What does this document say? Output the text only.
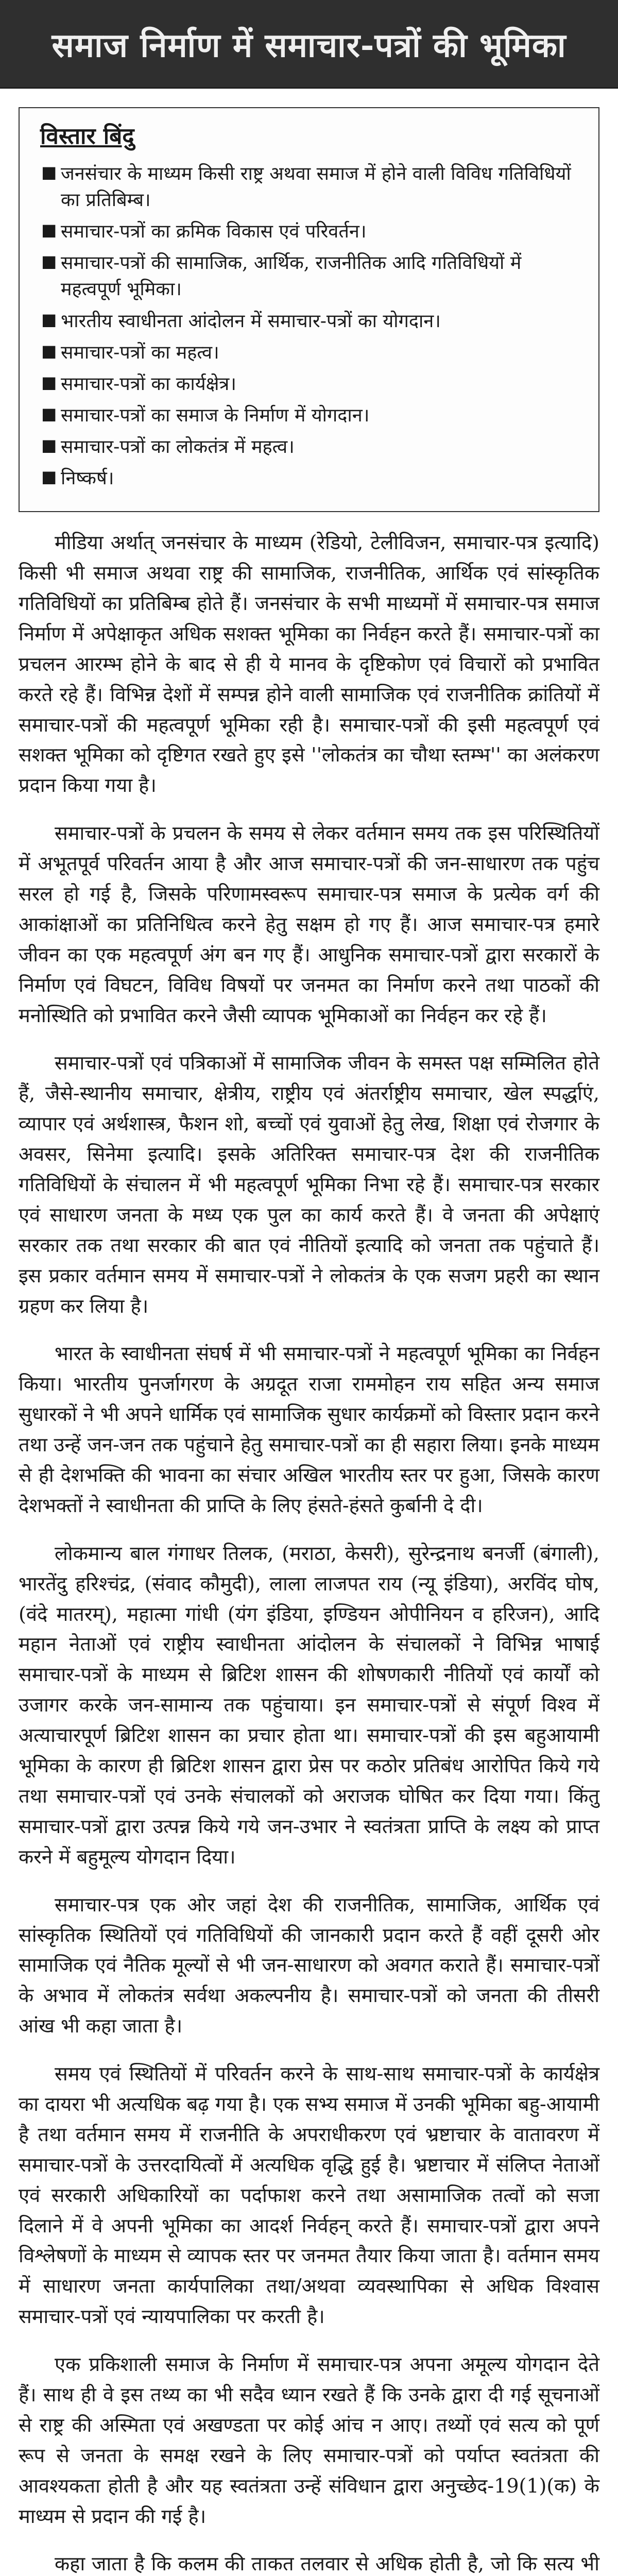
समाज निर्माण में समाचार-पत्रों की भूमिका
विस्तार बिंदु
■ जनसंचार के माध्यम किसी राष्ट्र अथवा समाज में होने वाली विविध गतिविधियों का प्रतिबिम्ब।
■ समाचार-पत्रों का क्रमिक विकास एवं परिवर्तन।
■ समाचार-पत्रों की सामाजिक, आर्थिक, राजनीतिक आदि गतिविधियों में महत्वपूर्ण भूमिका।
■ भारतीय स्वाधीनता आंदोलन में समाचार-पत्रों का योगदान।
■ समाचार-पत्रों का महत्व।
■ समाचार-पत्रों का कार्यक्षेत्र।
■ समाचार-पत्रों का समाज के निर्माण में योगदान।
■ समाचार-पत्रों का लोकतंत्र में महत्व।
■ निष्कर्ष।

मीडिया अर्थात् जनसंचार के माध्यम (रेडियो, टेलीविजन, समाचार-पत्र इत्यादि) किसी भी समाज अथवा राष्ट्र की सामाजिक, राजनीतिक, आर्थिक एवं सांस्कृतिक गतिविधियों का प्रतिबिम्ब होते हैं। जनसंचार के सभी माध्यमों में समाचार-पत्र समाज निर्माण में अपेक्षाकृत अधिक सशक्त भूमिका का निर्वहन करते हैं। समाचार-पत्रों का प्रचलन आरम्भ होने के बाद से ही ये मानव के दृष्टिकोण एवं विचारों को प्रभावित करते रहे हैं। विभिन्न देशों में सम्पन्न होने वाली सामाजिक एवं राजनीतिक क्रांतियों में समाचार-पत्रों की महत्वपूर्ण भूमिका रही है। समाचार-पत्रों की इसी महत्वपूर्ण एवं सशक्त भूमिका को दृष्टिगत रखते हुए इसे ''लोकतंत्र का चौथा स्तम्भ'' का अलंकरण प्रदान किया गया है।

समाचार-पत्रों के प्रचलन के समय से लेकर वर्तमान समय तक इस परिस्थितियों में अभूतपूर्व परिवर्तन आया है और आज समाचार-पत्रों की जन-साधारण तक पहुंच सरल हो गई है, जिसके परिणामस्वरूप समाचार-पत्र समाज के प्रत्येक वर्ग की आकांक्षाओं का प्रतिनिधित्व करने हेतु सक्षम हो गए हैं। आज समाचार-पत्र हमारे जीवन का एक महत्वपूर्ण अंग बन गए हैं। आधुनिक समाचार-पत्रों द्वारा सरकारों के निर्माण एवं विघटन, विविध विषयों पर जनमत का निर्माण करने तथा पाठकों की मनोस्थिति को प्रभावित करने जैसी व्यापक भूमिकाओं का निर्वहन कर रहे हैं।

समाचार-पत्रों एवं पत्रिकाओं में सामाजिक जीवन के समस्त पक्ष सम्मिलित होते हैं, जैसे-स्थानीय समाचार, क्षेत्रीय, राष्ट्रीय एवं अंतर्राष्ट्रीय समाचार, खेल स्पर्द्धाएं, व्यापार एवं अर्थशास्त्र, फैशन शो, बच्चों एवं युवाओं हेतु लेख, शिक्षा एवं रोजगार के अवसर, सिनेमा इत्यादि। इसके अतिरिक्त समाचार-पत्र देश की राजनीतिक गतिविधियों के संचालन में भी महत्वपूर्ण भूमिका निभा रहे हैं। समाचार-पत्र सरकार एवं साधारण जनता के मध्य एक पुल का कार्य करते हैं। वे जनता की अपेक्षाएं सरकार तक तथा सरकार की बात एवं नीतियों इत्यादि को जनता तक पहुंचाते हैं। इस प्रकार वर्तमान समय में समाचार-पत्रों ने लोकतंत्र के एक सजग प्रहरी का स्थान ग्रहण कर लिया है।

भारत के स्वाधीनता संघर्ष में भी समाचार-पत्रों ने महत्वपूर्ण भूमिका का निर्वहन किया। भारतीय पुनर्जागरण के अग्रदूत राजा राममोहन राय सहित अन्य समाज सुधारकों ने भी अपने धार्मिक एवं सामाजिक सुधार कार्यक्रमों को विस्तार प्रदान करने तथा उन्हें जन-जन तक पहुंचाने हेतु समाचार-पत्रों का ही सहारा लिया। इनके माध्यम से ही देशभक्ति की भावना का संचार अखिल भारतीय स्तर पर हुआ, जिसके कारण देशभक्तों ने स्वाधीनता की प्राप्ति के लिए हंसते-हंसते कुर्बानी दे दी।

लोकमान्य बाल गंगाधर तिलक, (मराठा, केसरी), सुरेन्द्रनाथ बनर्जी (बंगाली), भारतेंदु हरिश्चंद्र, (संवाद कौमुदी), लाला लाजपत राय (न्यू इंडिया), अरविंद घोष, (वंदे मातरम्), महात्मा गांधी (यंग इंडिया, इण्डियन ओपीनियन व हरिजन), आदि महान नेताओं एवं राष्ट्रीय स्वाधीनता आंदोलन के संचालकों ने विभिन्न भाषाई समाचार-पत्रों के माध्यम से ब्रिटिश शासन की शोषणकारी नीतियों एवं कार्यों को उजागर करके जन-सामान्य तक पहुंचाया। इन समाचार-पत्रों से संपूर्ण विश्व में अत्याचारपूर्ण ब्रिटिश शासन का प्रचार होता था। समाचार-पत्रों की इस बहुआयामी भूमिका के कारण ही ब्रिटिश शासन द्वारा प्रेस पर कठोर प्रतिबंध आरोपित किये गये तथा समाचार-पत्रों एवं उनके संचालकों को अराजक घोषित कर दिया गया। किंतु समाचार-पत्रों द्वारा उत्पन्न किये गये जन-उभार ने स्वतंत्रता प्राप्ति के लक्ष्य को प्राप्त करने में बहुमूल्य योगदान दिया।

समाचार-पत्र एक ओर जहां देश की राजनीतिक, सामाजिक, आर्थिक एवं सांस्कृतिक स्थितियों एवं गतिविधियों की जानकारी प्रदान करते हैं वहीं दूसरी ओर सामाजिक एवं नैतिक मूल्यों से भी जन-साधारण को अवगत कराते हैं। समाचार-पत्रों के अभाव में लोकतंत्र सर्वथा अकल्पनीय है। समाचार-पत्रों को जनता की तीसरी आंख भी कहा जाता है।

समय एवं स्थितियों में परिवर्तन करने के साथ-साथ समाचार-पत्रों के कार्यक्षेत्र का दायरा भी अत्यधिक बढ़ गया है। एक सभ्य समाज में उनकी भूमिका बहु-आयामी है तथा वर्तमान समय में राजनीति के अपराधीकरण एवं भ्रष्टाचार के वातावरण में समाचार-पत्रों के उत्तरदायित्वों में अत्यधिक वृद्धि हुई है। भ्रष्टाचार में संलिप्त नेताओं एवं सरकारी अधिकारियों का पर्दाफाश करने तथा असामाजिक तत्वों को सजा दिलाने में वे अपनी भूमिका का आदर्श निर्वहन् करते हैं। समाचार-पत्रों द्वारा अपने विश्लेषणों के माध्यम से व्यापक स्तर पर जनमत तैयार किया जाता है। वर्तमान समय में साधारण जनता कार्यपालिका तथा/अथवा व्यवस्थापिका से अधिक विश्वास समाचार-पत्रों एवं न्यायपालिका पर करती है।

एक प्रकिशाली समाज के निर्माण में समाचार-पत्र अपना अमूल्य योगदान देते हैं। साथ ही वे इस तथ्य का भी सदैव ध्यान रखते हैं कि उनके द्वारा दी गई सूचनाओं से राष्ट्र की अस्मिता एवं अखण्डता पर कोई आंच न आए। तथ्यों एवं सत्य को पूर्ण रूप से जनता के समक्ष रखने के लिए समाचार-पत्रों को पर्याप्त स्वतंत्रता की आवश्यकता होती है और यह स्वतंत्रता उन्हें संविधान द्वारा अनुच्छेद-19(1)(क) के माध्यम से प्रदान की गई है।

कहा जाता है कि कलम की ताकत तलवार से अधिक होती है, जो कि सत्य भी
